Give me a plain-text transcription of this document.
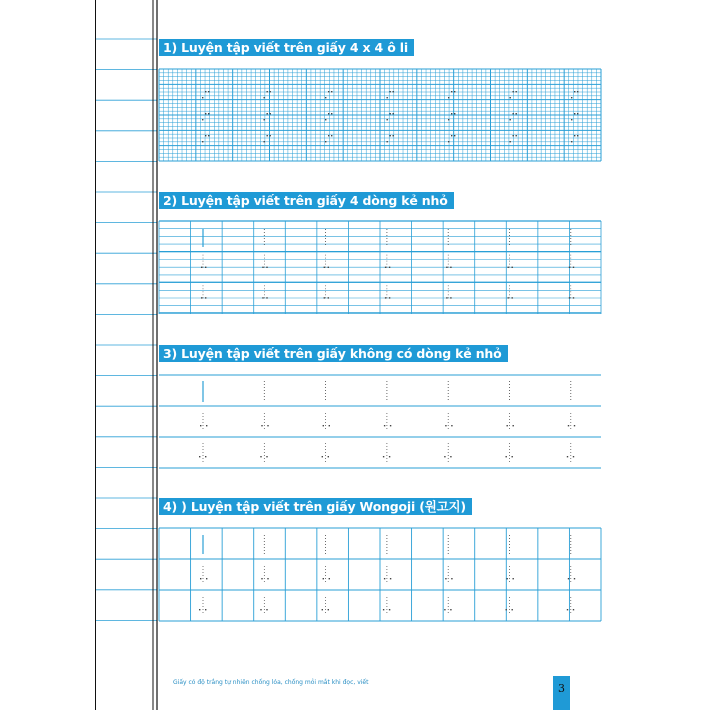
1) Luyện tập viết trên giấy 4 x 4 ô li
2) Luyện tập viết trên giấy 4 dòng kẻ nhỏ
3) Luyện tập viết trên giấy không có dòng kẻ nhỏ
4) ) Luyện tập viết trên giấy Wongoji (원고지)
Giấy có độ trắng tự nhiên chống lóa, chống mỏi mắt khi đọc, viết	3
